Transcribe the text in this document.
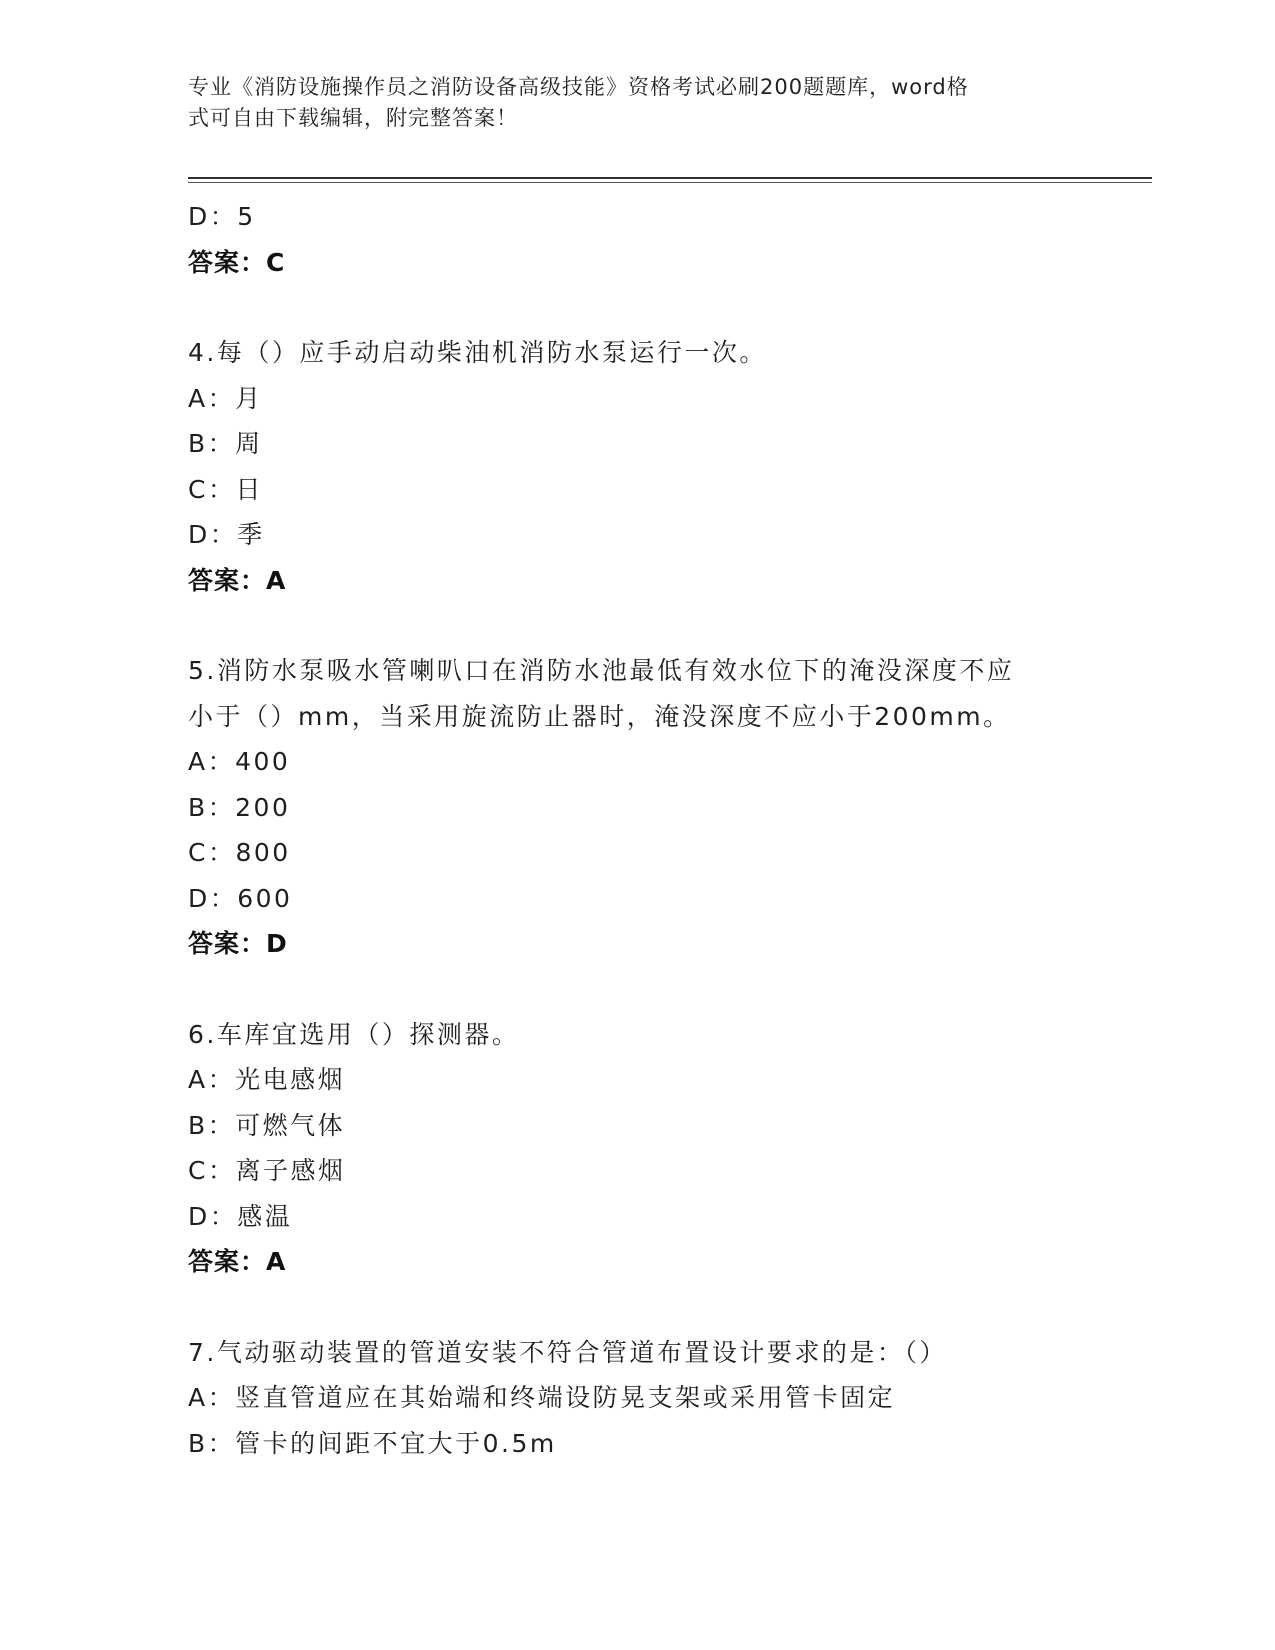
专业《消防设施操作员之消防设备高级技能》资格考试必刷200题题库，word格
式可自由下载编辑，附完整答案！
D：5
答案：C
4.每（）应手动启动柴油机消防水泵运行一次。
A：月
B：周
C：日
D：季
答案：A
5.消防水泵吸水管喇叭口在消防水池最低有效水位下的淹没深度不应
小于（）mm，当采用旋流防止器时，淹没深度不应小于200mm。
A：400
B：200
C：800
D：600
答案：D
6.车库宜选用（）探测器。
A：光电感烟
B：可燃气体
C：离子感烟
D：感温
答案：A
7.气动驱动装置的管道安装不符合管道布置设计要求的是：（）
A：竖直管道应在其始端和终端设防晃支架或采用管卡固定
B：管卡的间距不宜大于0.5m
